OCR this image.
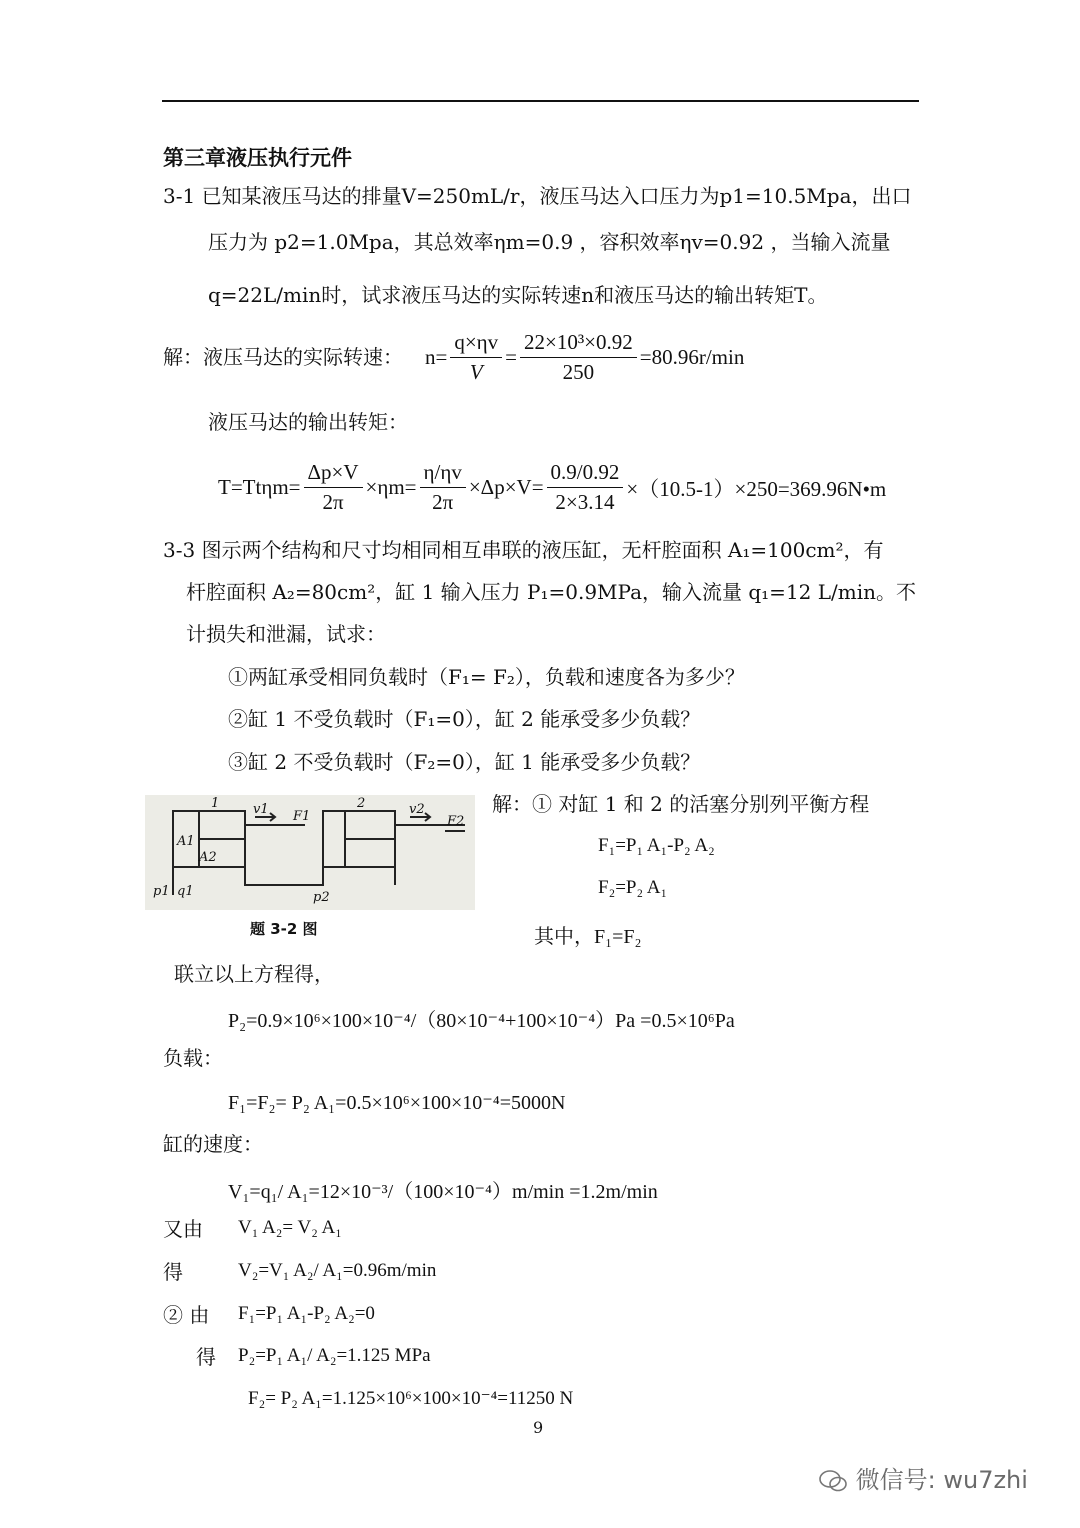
第三章液压执行元件
3-1 已知某液压马达的排量V=250mL/r，液压马达入口压力为p1=10.5Mpa，出口
压力为 p2=1.0Mpa，其总效率ηm=0.9 ，容积效率ηv=0.92 ，当输入流量
q=22L/min时，试求液压马达的实际转速n和液压马达的输出转矩T。
解：液压马达的实际转速： $n= \frac{q\times\eta v}{V} = \frac{\text{22×10³×0.92}}{250} =80.96r/\min$
液压马达的输出转矩：
$T=Tt\eta m= \frac{\Delta p\times V}{2\pi} \times\eta m= \frac{\eta/\eta v}{2\pi} \times\Delta p\times V= \frac{0.9/0.92}{2\times 3.14}$ ×（10.5-1）×250=369.96N•m
3-3 图示两个结构和尺寸均相同相互串联的液压缸，无杆腔面积 A₁=100cm²，有
杆腔面积 A₂=80cm²，缸 1 输入压力 P₁=0.9MPa，输入流量 q₁=12 L/min。不
计损失和泄漏，试求：
①两缸承受相同负载时（F₁= F₂），负载和速度各为多少？
②缸 1 不受负载时（F₁=0），缸 2 能承受多少负载？
③缸 2 不受负载时（F₂=0），缸 1 能承受多少负载？
1	2
A1
A2
v1 F1	v2
F2
p1 q1	p2
题 3-2 图
解：① 对缸 1 和 2 的活塞分别列平衡方程
F₁=P₁ A₁-P₂ A₂
F₂=P₂ A₁
其中，F₁=F₂
联立以上方程得，
P₂=0.9×10⁶×100×10⁻⁴/（80×10⁻⁴+100×10⁻⁴）Pa =0.5×10⁶Pa
负载：
F₁=F₂= P₂ A₁=0.5×10⁶×100×10⁻⁴=5000N
缸的速度：
V₁=q₁/ A₁=12×10⁻³/（100×10⁻⁴）m/min =1.2m/min
又由 V₁ A₂= V₂ A₁
得	V₂=V₁ A₂/ A₁=0.96m/min
② 由 F₁=P₁ A₁-P₂ A₂=0
得 P₂=P₁ A₁/ A₂=1.125 MPa
F₂= P₂ A₁=1.125×10⁶×100×10⁻⁴=11250 N
9
微信号: wu7zhi
